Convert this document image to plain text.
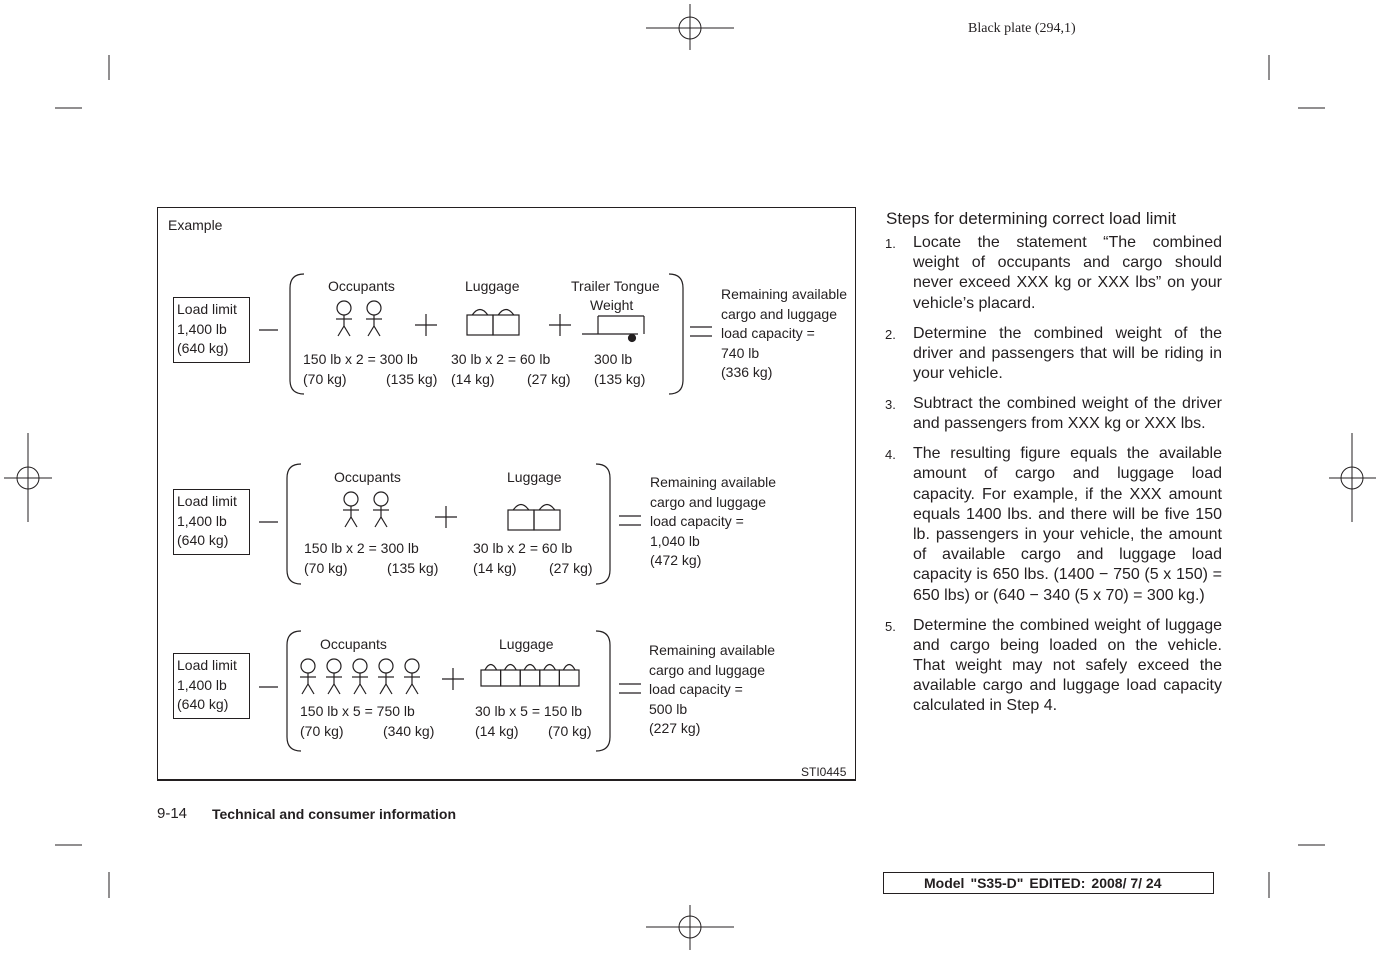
Black plate (294,1)
Example
STI0445
Load limit
1,400 lb
(640 kg)
Occupants	Luggage	Trailer Tongue
Weight
150 lb x 2 = 300 lb
(70 kg)	(135 kg)
30 lb x 2 = 60 lb
(14 kg) (27 kg)
300 lb
(135 kg)
Remaining available
cargo and luggage
load capacity =
740 lb
(336 kg)
Load limit
1,400 lb
(640 kg)
Occupants	Luggage
150 lb x 2 = 300 lb
(70 kg)	(135 kg)
30 lb x 2 = 60 lb
(14 kg) (27 kg)
Remaining available
cargo and luggage
load capacity =
1,040 lb
(472 kg)
Load limit
1,400 lb
(640 kg)
Occupants	Luggage
150 lb x 5 = 750 lb
(70 kg)	(340 kg)
30 lb x 5 = 150 lb
(14 kg) (70 kg)
Remaining available
cargo and luggage
load capacity =
500 lb
(227 kg)
Steps for determining correct load limit
1. Locate the statement “The combined weight of occupants and cargo should never exceed XXX kg or XXX lbs” on your vehicle’s placard.
2. Determine the combined weight of the driver and passengers that will be riding in your vehicle.
3. Subtract the combined weight of the driver and passengers from XXX kg or XXX lbs.
4. The resulting figure equals the available amount of cargo and luggage load capacity. For example, if the XXX amount equals 1400 lbs. and there will be five 150 lb. passengers in your vehicle, the amount of available cargo and luggage load capacity is 650 lbs. (1400 − 750 (5 x 150) = 650 lbs) or (640 − 340 (5 x 70) = 300 kg.)
5. Determine the combined weight of luggage and cargo being loaded on the vehicle. That weight may not safely exceed the available cargo and luggage load capacity calculated in Step 4.
9-14 Technical and consumer information
Model "S35-D" EDITED: 2008/ 7/ 24
